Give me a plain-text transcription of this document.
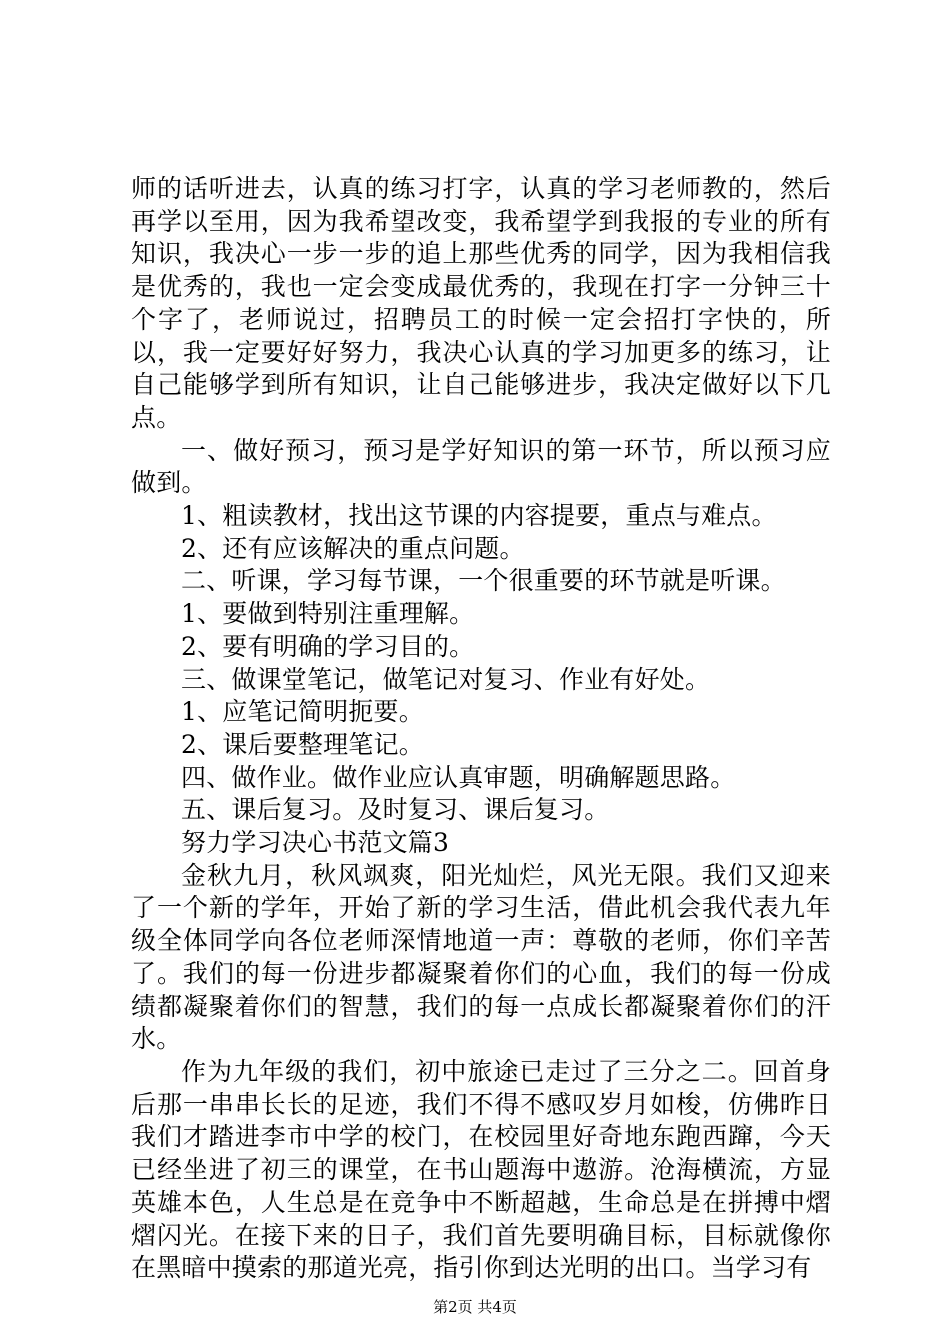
师的话听进去，认真的练习打字，认真的学习老师教的，然后再学以至用，因为我希望改变，我希望学到我报的专业的所有知识，我决心一步一步的追上那些优秀的同学，因为我相信我是优秀的，我也一定会变成最优秀的，我现在打字一分钟三十个字了，老师说过，招聘员工的时候一定会招打字快的，所以，我一定要好好努力，我决心认真的学习加更多的练习，让自己能够学到所有知识，让自己能够进步，我决定做好以下几点。

一、做好预习，预习是学好知识的第一环节，所以预习应做到。

1、粗读教材，找出这节课的内容提要，重点与难点。

2、还有应该解决的重点问题。

二、听课，学习每节课，一个很重要的环节就是听课。

1、要做到特别注重理解。

2、要有明确的学习目的。

三、做课堂笔记，做笔记对复习、作业有好处。

1、应笔记简明扼要。

2、课后要整理笔记。

四、做作业。做作业应认真审题，明确解题思路。

五、课后复习。及时复习、课后复习。

努力学习决心书范文篇3

金秋九月，秋风飒爽，阳光灿烂，风光无限。我们又迎来了一个新的学年，开始了新的学习生活，借此机会我代表九年级全体同学向各位老师深情地道一声：尊敬的老师，你们辛苦了。我们的每一份进步都凝聚着你们的心血，我们的每一份成绩都凝聚着你们的智慧，我们的每一点成长都凝聚着你们的汗水。

作为九年级的我们，初中旅途已走过了三分之二。回首身后那一串串长长的足迹，我们不得不感叹岁月如梭，仿佛昨日我们才踏进李市中学的校门，在校园里好奇地东跑西蹿，今天已经坐进了初三的课堂，在书山题海中遨游。沧海横流，方显英雄本色，人生总是在竞争中不断超越，生命总是在拼搏中熠熠闪光。在接下来的日子，我们首先要明确目标，目标就像你在黑暗中摸索的那道光亮，指引你到达光明的出口。当学习有

第2页 共4页
